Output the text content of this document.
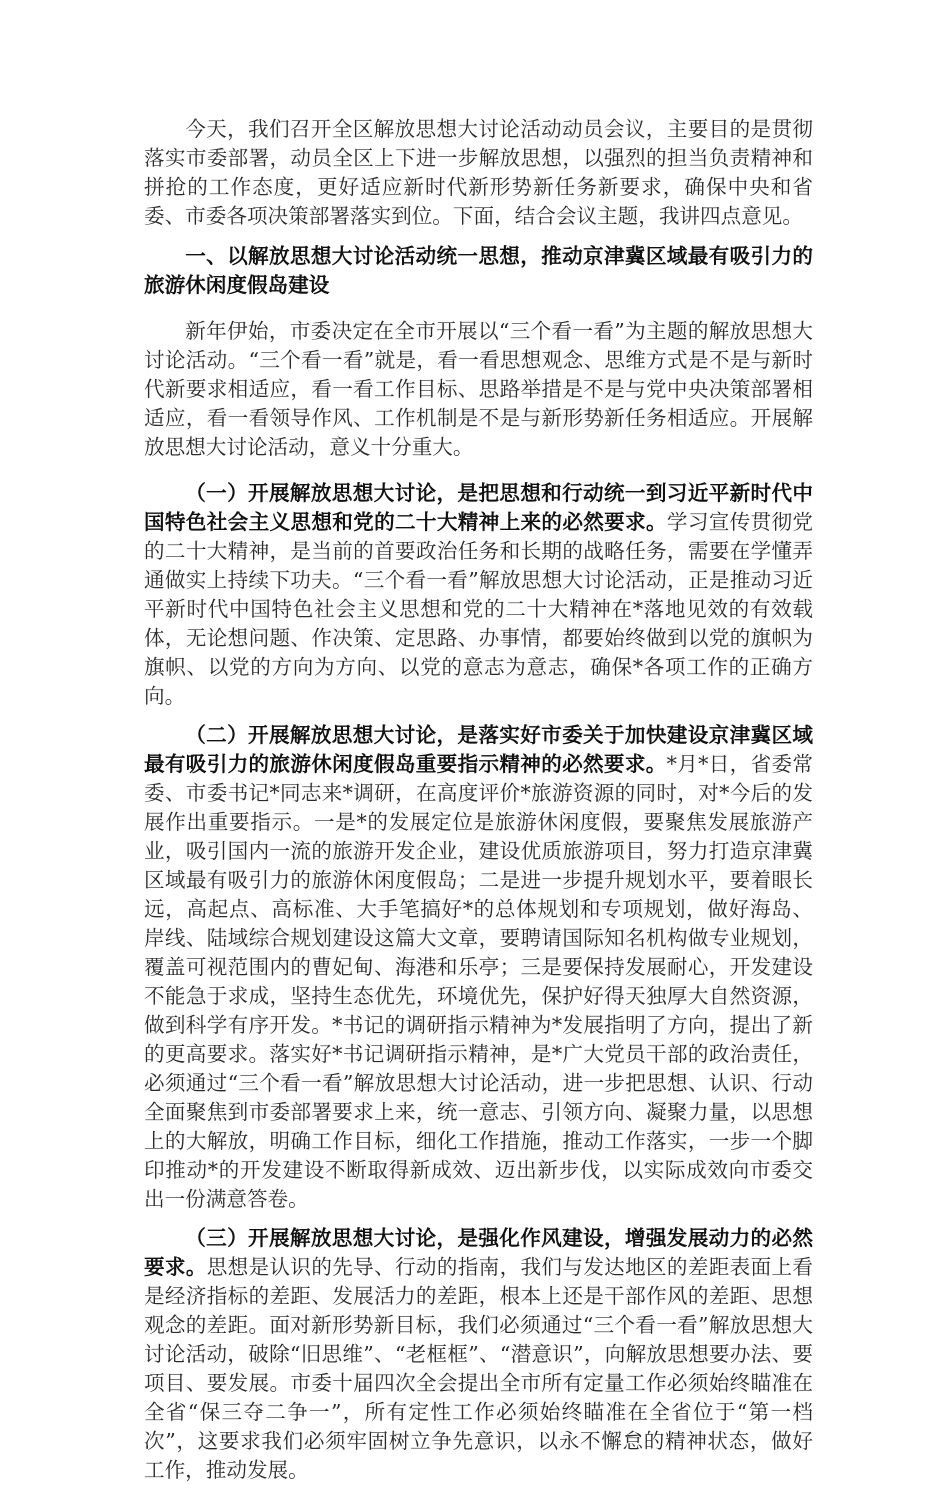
今天，我们召开全区解放思想大讨论活动动员会议，主要目的是贯彻落实市委部署，动员全区上下进一步解放思想，以强烈的担当负责精神和拼抢的工作态度，更好适应新时代新形势新任务新要求，确保中央和省委、市委各项决策部署落实到位。下面，结合会议主题，我讲四点意见。

一、以解放思想大讨论活动统一思想，推动京津冀区域最有吸引力的旅游休闲度假岛建设

新年伊始，市委决定在全市开展以“三个看一看”为主题的解放思想大讨论活动。“三个看一看”就是，看一看思想观念、思维方式是不是与新时代新要求相适应，看一看工作目标、思路举措是不是与党中央决策部署相适应，看一看领导作风、工作机制是不是与新形势新任务相适应。开展解放思想大讨论活动，意义十分重大。

（一）开展解放思想大讨论，是把思想和行动统一到习近平新时代中国特色社会主义思想和党的二十大精神上来的必然要求。学习宣传贯彻党的二十大精神，是当前的首要政治任务和长期的战略任务，需要在学懂弄通做实上持续下功夫。“三个看一看”解放思想大讨论活动，正是推动习近平新时代中国特色社会主义思想和党的二十大精神在*落地见效的有效载体，无论想问题、作决策、定思路、办事情，都要始终做到以党的旗帜为旗帜、以党的方向为方向、以党的意志为意志，确保*各项工作的正确方向。

（二）开展解放思想大讨论，是落实好市委关于加快建设京津冀区域最有吸引力的旅游休闲度假岛重要指示精神的必然要求。*月*日，省委常委、市委书记*同志来*调研，在高度评价*旅游资源的同时，对*今后的发展作出重要指示。一是*的发展定位是旅游休闲度假，要聚焦发展旅游产业，吸引国内一流的旅游开发企业，建设优质旅游项目，努力打造京津冀区域最有吸引力的旅游休闲度假岛；二是进一步提升规划水平，要着眼长远，高起点、高标准、大手笔搞好*的总体规划和专项规划，做好海岛、岸线、陆域综合规划建设这篇大文章，要聘请国际知名机构做专业规划，覆盖可视范围内的曹妃甸、海港和乐亭；三是要保持发展耐心，开发建设不能急于求成，坚持生态优先，环境优先，保护好得天独厚大自然资源，做到科学有序开发。*书记的调研指示精神为*发展指明了方向，提出了新的更高要求。落实好*书记调研指示精神，是*广大党员干部的政治责任，必须通过“三个看一看”解放思想大讨论活动，进一步把思想、认识、行动全面聚焦到市委部署要求上来，统一意志、引领方向、凝聚力量，以思想上的大解放，明确工作目标，细化工作措施，推动工作落实，一步一个脚印推动*的开发建设不断取得新成效、迈出新步伐，以实际成效向市委交出一份满意答卷。

（三）开展解放思想大讨论，是强化作风建设，增强发展动力的必然要求。思想是认识的先导、行动的指南，我们与发达地区的差距表面上看是经济指标的差距、发展活力的差距，根本上还是干部作风的差距、思想观念的差距。面对新形势新目标，我们必须通过“三个看一看”解放思想大讨论活动，破除“旧思维”、“老框框”、“潜意识”，向解放思想要办法、要项目、要发展。市委十届四次全会提出全市所有定量工作必须始终瞄准在全省“保三夺二争一”，所有定性工作必须始终瞄准在全省位于“第一档次”，这要求我们必须牢固树立争先意识，以永不懈怠的精神状态，做好工作，推动发展。
